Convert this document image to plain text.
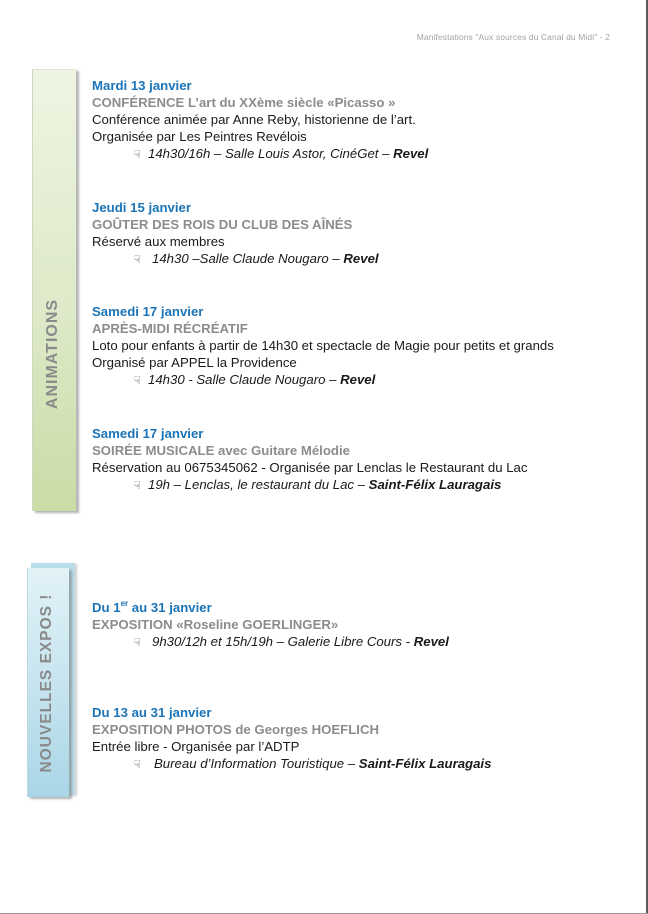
Manifestations "Aux sources du Canal du Midi" - 2
ANIMATIONS
NOUVELLES EXPOS !
Mardi 13 janvier
CONFÉRENCE L’art du XXème siècle «Picasso »
Conférence animée par Anne Reby, historienne de l’art.
Organisée par Les Peintres Revélois
☟ 14h30/16h – Salle Louis Astor, CinéGet – Revel
Jeudi 15 janvier
GOÛTER DES ROIS DU CLUB DES AÎNÉS
Réservé aux membres
☟ 14h30 –Salle Claude Nougaro – Revel
Samedi 17 janvier
APRÈS-MIDI RÉCRÉATIF
Loto pour enfants à partir de 14h30 et spectacle de Magie pour petits et grands
Organisé par APPEL la Providence
☟ 14h30 - Salle Claude Nougaro – Revel
Samedi 17 janvier
SOIRÉE MUSICALE avec Guitare Mélodie
Réservation au 0675345062 - Organisée par Lenclas le Restaurant du Lac
☟ 19h – Lenclas, le restaurant du Lac – Saint-Félix Lauragais
Du 1er au 31 janvier
EXPOSITION «Roseline GOERLINGER»
☟ 9h30/12h et 15h/19h – Galerie Libre Cours - Revel
Du 13 au 31 janvier
EXPOSITION PHOTOS de Georges HOEFLICH
Entrée libre - Organisée par l’ADTP
☟ Bureau d’Information Touristique – Saint-Félix Lauragais
